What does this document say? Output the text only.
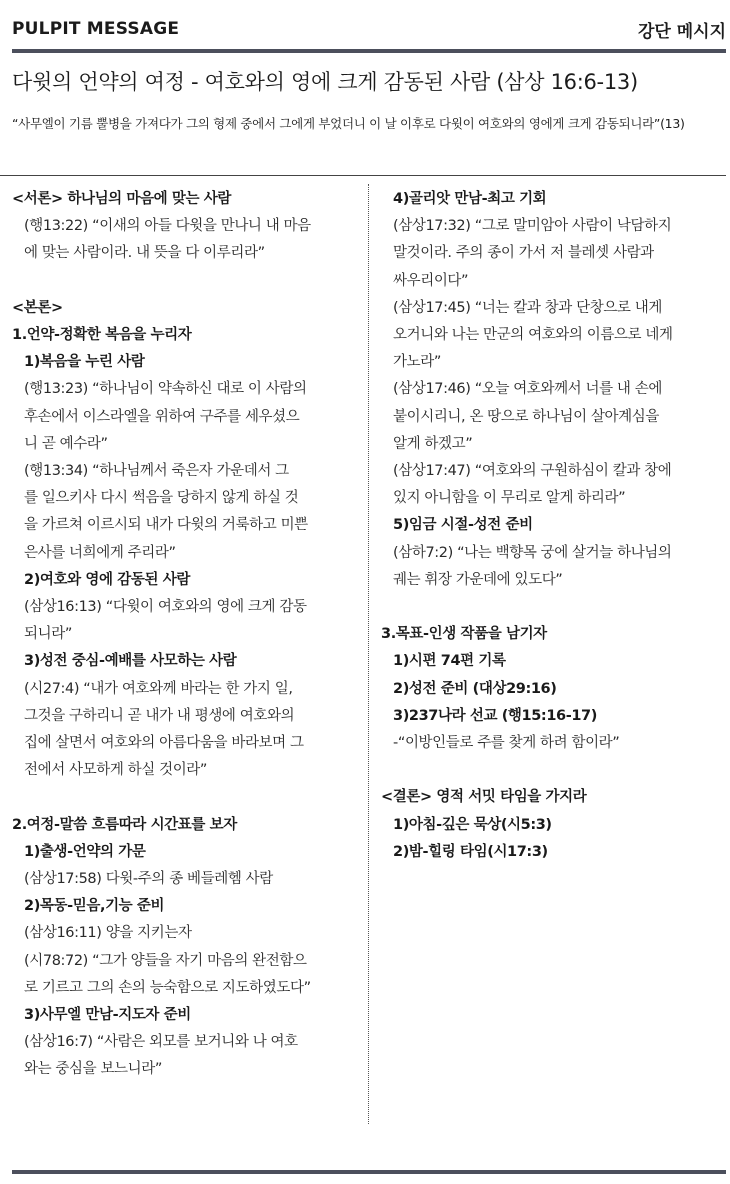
PULPIT MESSAGE	강단 메시지
다윗의 언약의 여정 - 여호와의 영에 크게 감동된 사람 (삼상 16:6-13)
“사무엘이 기름 뿔병을 가져다가 그의 형제 중에서 그에게 부었더니 이 날 이후로 다윗이 여호와의 영에게 크게 감동되니라”(13)
<서론> 하나님의 마음에 맞는 사람
(행13:22) “이새의 아들 다윗을 만나니 내 마음
에 맞는 사람이라. 내 뜻을 다 이루리라”
<본론>
1.언약-정확한 복음을 누리자
1)복음을 누린 사람
(행13:23) “하나님이 약속하신 대로 이 사람의
후손에서 이스라엘을 위하여 구주를 세우셨으
니 곧 예수라”
(행13:34) “하나님께서 죽은자 가운데서 그
를 일으키사 다시 썩음을 당하지 않게 하실 것
을 가르쳐 이르시되 내가 다윗의 거룩하고 미쁜
은사를 너희에게 주리라”
2)여호와 영에 감동된 사람
(삼상16:13) “다윗이 여호와의 영에 크게 감동
되니라”
3)성전 중심-예배를 사모하는 사람
(시27:4) “내가 여호와께 바라는 한 가지 일,
그것을 구하리니 곧 내가 내 평생에 여호와의
집에 살면서 여호와의 아름다움을 바라보며 그
전에서 사모하게 하실 것이라”
2.여정-말씀 흐름따라 시간표를 보자
1)출생-언약의 가문
(삼상17:58) 다윗-주의 종 베들레헴 사람
2)목동-믿음,기능 준비
(삼상16:11) 양을 지키는자
(시78:72) “그가 양들을 자기 마음의 완전함으
로 기르고 그의 손의 능숙함으로 지도하였도다”
3)사무엘 만남-지도자 준비
(삼상16:7) “사람은 외모를 보거니와 나 여호
와는 중심을 보느니라”
4)골리앗 만남-최고 기회
(삼상17:32) “그로 말미암아 사람이 낙담하지
말것이라. 주의 종이 가서 저 블레셋 사람과
싸우리이다”
(삼상17:45) “너는 칼과 창과 단창으로 내게
오거니와 나는 만군의 여호와의 이름으로 네게
가노라”
(삼상17:46) “오늘 여호와께서 너를 내 손에
붙이시리니, 온 땅으로 하나님이 살아계심을
알게 하겠고”
(삼상17:47) “여호와의 구원하심이 칼과 창에
있지 아니함을 이 무리로 알게 하리라”
5)임금 시절-성전 준비
(삼하7:2) “나는 백향목 궁에 살거늘 하나님의
궤는 휘장 가운데에 있도다”
3.목표-인생 작품을 남기자
1)시편 74편 기록
2)성전 준비 (대상29:16)
3)237나라 선교 (행15:16-17)
-“이방인들로 주를 찾게 하려 함이라”
<결론> 영적 서밋 타임을 가지라
1)아침-깊은 묵상(시5:3)
2)밤-힐링 타임(시17:3)
